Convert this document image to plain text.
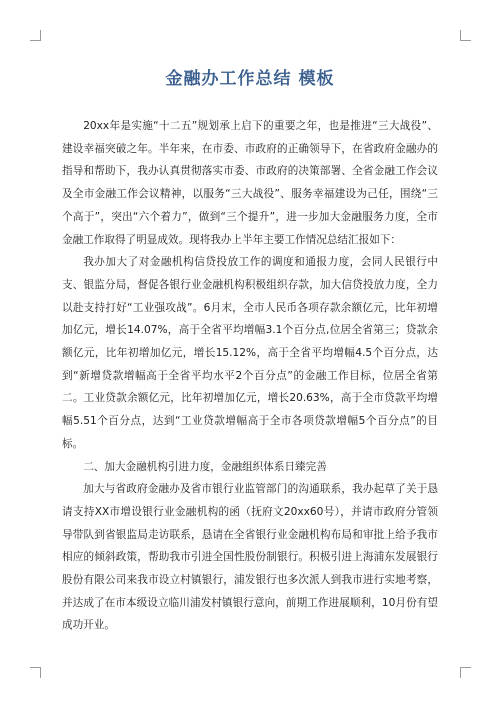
金融办工作总结 模板

20xx年是实施“十二五”规划承上启下的重要之年，也是推进“三大战役”、建设幸福突破之年。半年来，在市委、市政府的正确领导下，在省政府金融办的指导和帮助下，我办认真贯彻落实市委、市政府的决策部署、全省金融工作会议及全市金融工作会议精神，以服务“三大战役”、服务幸福建设为己任，围绕“三个高于”，突出“六个着力”，做到“三个提升”，进一步加大金融服务力度，全市金融工作取得了明显成效。现将我办上半年主要工作情况总结汇报如下：

我办加大了对金融机构信贷投放工作的调度和通报力度，会同人民银行中支、银监分局，督促各银行业金融机构积极组织存款，加大信贷投放力度，全力以赴支持打好“工业强攻战”。6月末，全市人民币各项存款余额亿元，比年初增加亿元，增长14.07%，高于全省平均增幅3.1个百分点,位居全省第三；贷款余额亿元，比年初增加亿元，增长15.12%，高于全省平均增幅4.5个百分点，达到“新增贷款增幅高于全省平均水平2个百分点”的金融工作目标，位居全省第二。工业贷款余额亿元，比年初增加亿元，增长20.63%，高于全市贷款平均增幅5.51个百分点，达到“工业贷款增幅高于全市各项贷款增幅5个百分点”的目标。

二、加大金融机构引进力度，金融组织体系日臻完善

加大与省政府金融办及省市银行业监管部门的沟通联系，我办起草了关于恳请支持XX市增设银行业金融机构的函（抚府文20xx60号），并请市政府分管领导带队到省银监局走访联系，恳请在全省银行业金融机构布局和审批上给予我市相应的倾斜政策，帮助我市引进全国性股份制银行。积极引进上海浦东发展银行股份有限公司来我市设立村镇银行，浦发银行也多次派人到我市进行实地考察，并达成了在市本级设立临川浦发村镇银行意向，前期工作进展顺利，10月份有望成功开业。
